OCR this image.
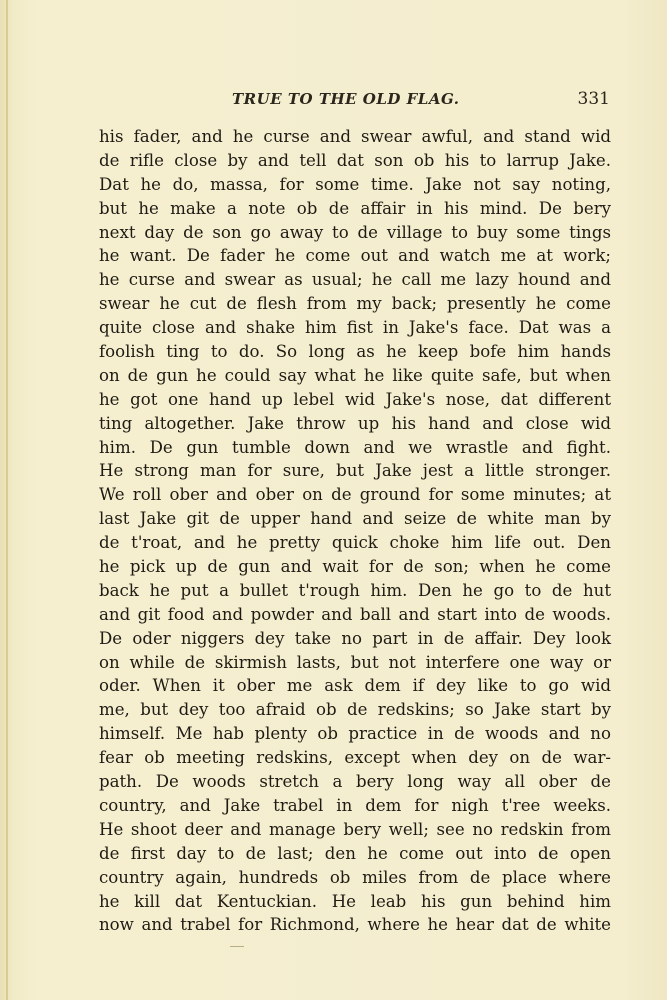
TRUE TO THE OLD FLAG.	331
his fader, and he curse and swear awful, and stand wid
de rifle close by and tell dat son ob his to larrup Jake.
Dat he do, massa, for some time. Jake not say noting,
but he make a note ob de affair in his mind. De bery
next day de son go away to de village to buy some tings
he want. De fader he come out and watch me at work;
he curse and swear as usual; he call me lazy hound and
swear he cut de flesh from my back; presently he come
quite close and shake him fist in Jake's face. Dat was a
foolish ting to do. So long as he keep bofe him hands
on de gun he could say what he like quite safe, but when
he got one hand up lebel wid Jake's nose, dat different
ting altogether. Jake throw up his hand and close wid
him. De gun tumble down and we wrastle and fight.
He strong man for sure, but Jake jest a little stronger.
We roll ober and ober on de ground for some minutes; at
last Jake git de upper hand and seize de white man by
de t'roat, and he pretty quick choke him life out. Den
he pick up de gun and wait for de son; when he come
back he put a bullet t'rough him. Den he go to de hut
and git food and powder and ball and start into de woods.
De oder niggers dey take no part in de affair. Dey look
on while de skirmish lasts, but not interfere one way or
oder. When it ober me ask dem if dey like to go wid
me, but dey too afraid ob de redskins; so Jake start by
himself. Me hab plenty ob practice in de woods and no
fear ob meeting redskins, except when dey on de war-
path. De woods stretch a bery long way all ober de
country, and Jake trabel in dem for nigh t'ree weeks.
He shoot deer and manage bery well; see no redskin from
de first day to de last; den he come out into de open
country again, hundreds ob miles from de place where
he kill dat Kentuckian. He leab his gun behind him
now and trabel for Richmond, where he hear dat de white
